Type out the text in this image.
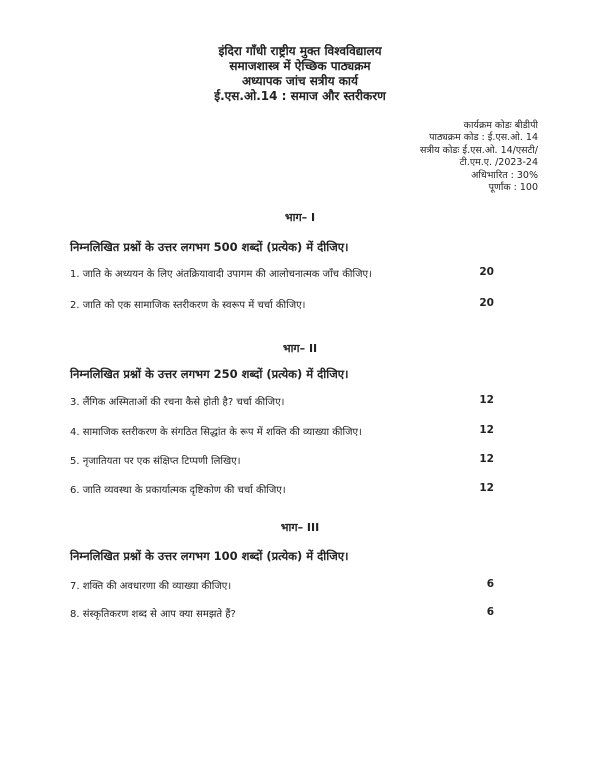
इंदिरा गाँधी राष्ट्रीय मुक्त विश्वविद्यालय
समाजशास्त्र में ऐच्छिक पाठ्यक्रम
अध्यापक जांच सत्रीय कार्य
ई.एस.ओ.14 : समाज और स्तरीकरण
कार्यक्रम कोडः बीडीपी
पाठ्यक्रम कोड : ई.एस.ओ. 14
सत्रीय कोडः ई.एस.ओ. 14/एसटी/
टी.एम.ए. /2023-24
अधिभारित : 30%
पूर्णांक : 100
भाग– I
निम्नलिखित प्रश्नों के उत्तर लगभग 500 शब्दों (प्रत्येक) में दीजिए।
1. जाति के अध्ययन के लिए अंतक्रियावादी उपागम की आलोचनात्मक जाँच कीजिए।	20
2. जाति को एक सामाजिक स्तरीकरण के स्वरूप में चर्चा कीजिए।	20
भाग– II
निम्नलिखित प्रश्नों के उत्तर लगभग 250 शब्दों (प्रत्येक) में दीजिए।
3. लैंगिक अस्मिताओं की रचना कैसे होती है? चर्चा कीजिए।	12
4. सामाजिक स्तरीकरण के संगठित सिद्धांत के रूप में शक्ति की व्याख्या कीजिए।	12
5. नृजातियता पर एक संक्षिप्त टिप्पणी लिखिए।	12
6. जाति व्यवस्था के प्रकार्यात्मक दृष्टिकोण की चर्चा कीजिए।	12
भाग– III
निम्नलिखित प्रश्नों के उत्तर लगभग 100 शब्दों (प्रत्येक) में दीजिए।
7. शक्ति की अवधारणा की व्याख्या कीजिए।	6
8. संस्कृतिकरण शब्द से आप क्या समझते हैं?	6
